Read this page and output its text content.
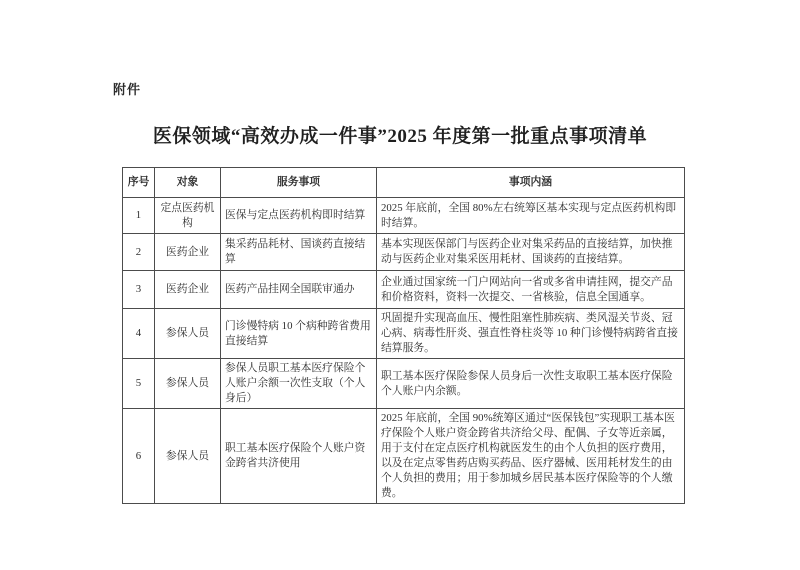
附件
医保领域“高效办成一件事”2025 年度第一批重点事项清单
序号	对象	服务事项	事项内涵
1	定点医药机构	医保与定点医药机构即时结算	2025 年底前，全国 80%左右统筹区基本实现与定点医药机构即时结算。
2	医药企业	集采药品耗材、国谈药直接结算	基本实现医保部门与医药企业对集采药品的直接结算，加快推动与医药企业对集采医用耗材、国谈药的直接结算。
3	医药企业	医药产品挂网全国联审通办	企业通过国家统一门户网站向一省或多省申请挂网，提交产品和价格资料，资料一次提交、一省核验，信息全国通享。
4	参保人员	门诊慢特病 10 个病种跨省费用直接结算	巩固提升实现高血压、慢性阻塞性肺疾病、类风湿关节炎、冠心病、病毒性肝炎、强直性脊柱炎等 10 种门诊慢特病跨省直接结算服务。
5	参保人员	参保人员职工基本医疗保险个人账户余额一次性支取（个人身后）	职工基本医疗保险参保人员身后一次性支取职工基本医疗保险个人账户内余额。
6	参保人员	职工基本医疗保险个人账户资金跨省共济使用	2025 年底前，全国 90%统筹区通过“医保钱包”实现职工基本医疗保险个人账户资金跨省共济给父母、配偶、子女等近亲属，用于支付在定点医疗机构就医发生的由个人负担的医疗费用，以及在定点零售药店购买药品、医疗器械、医用耗材发生的由个人负担的费用；用于参加城乡居民基本医疗保险等的个人缴费。
